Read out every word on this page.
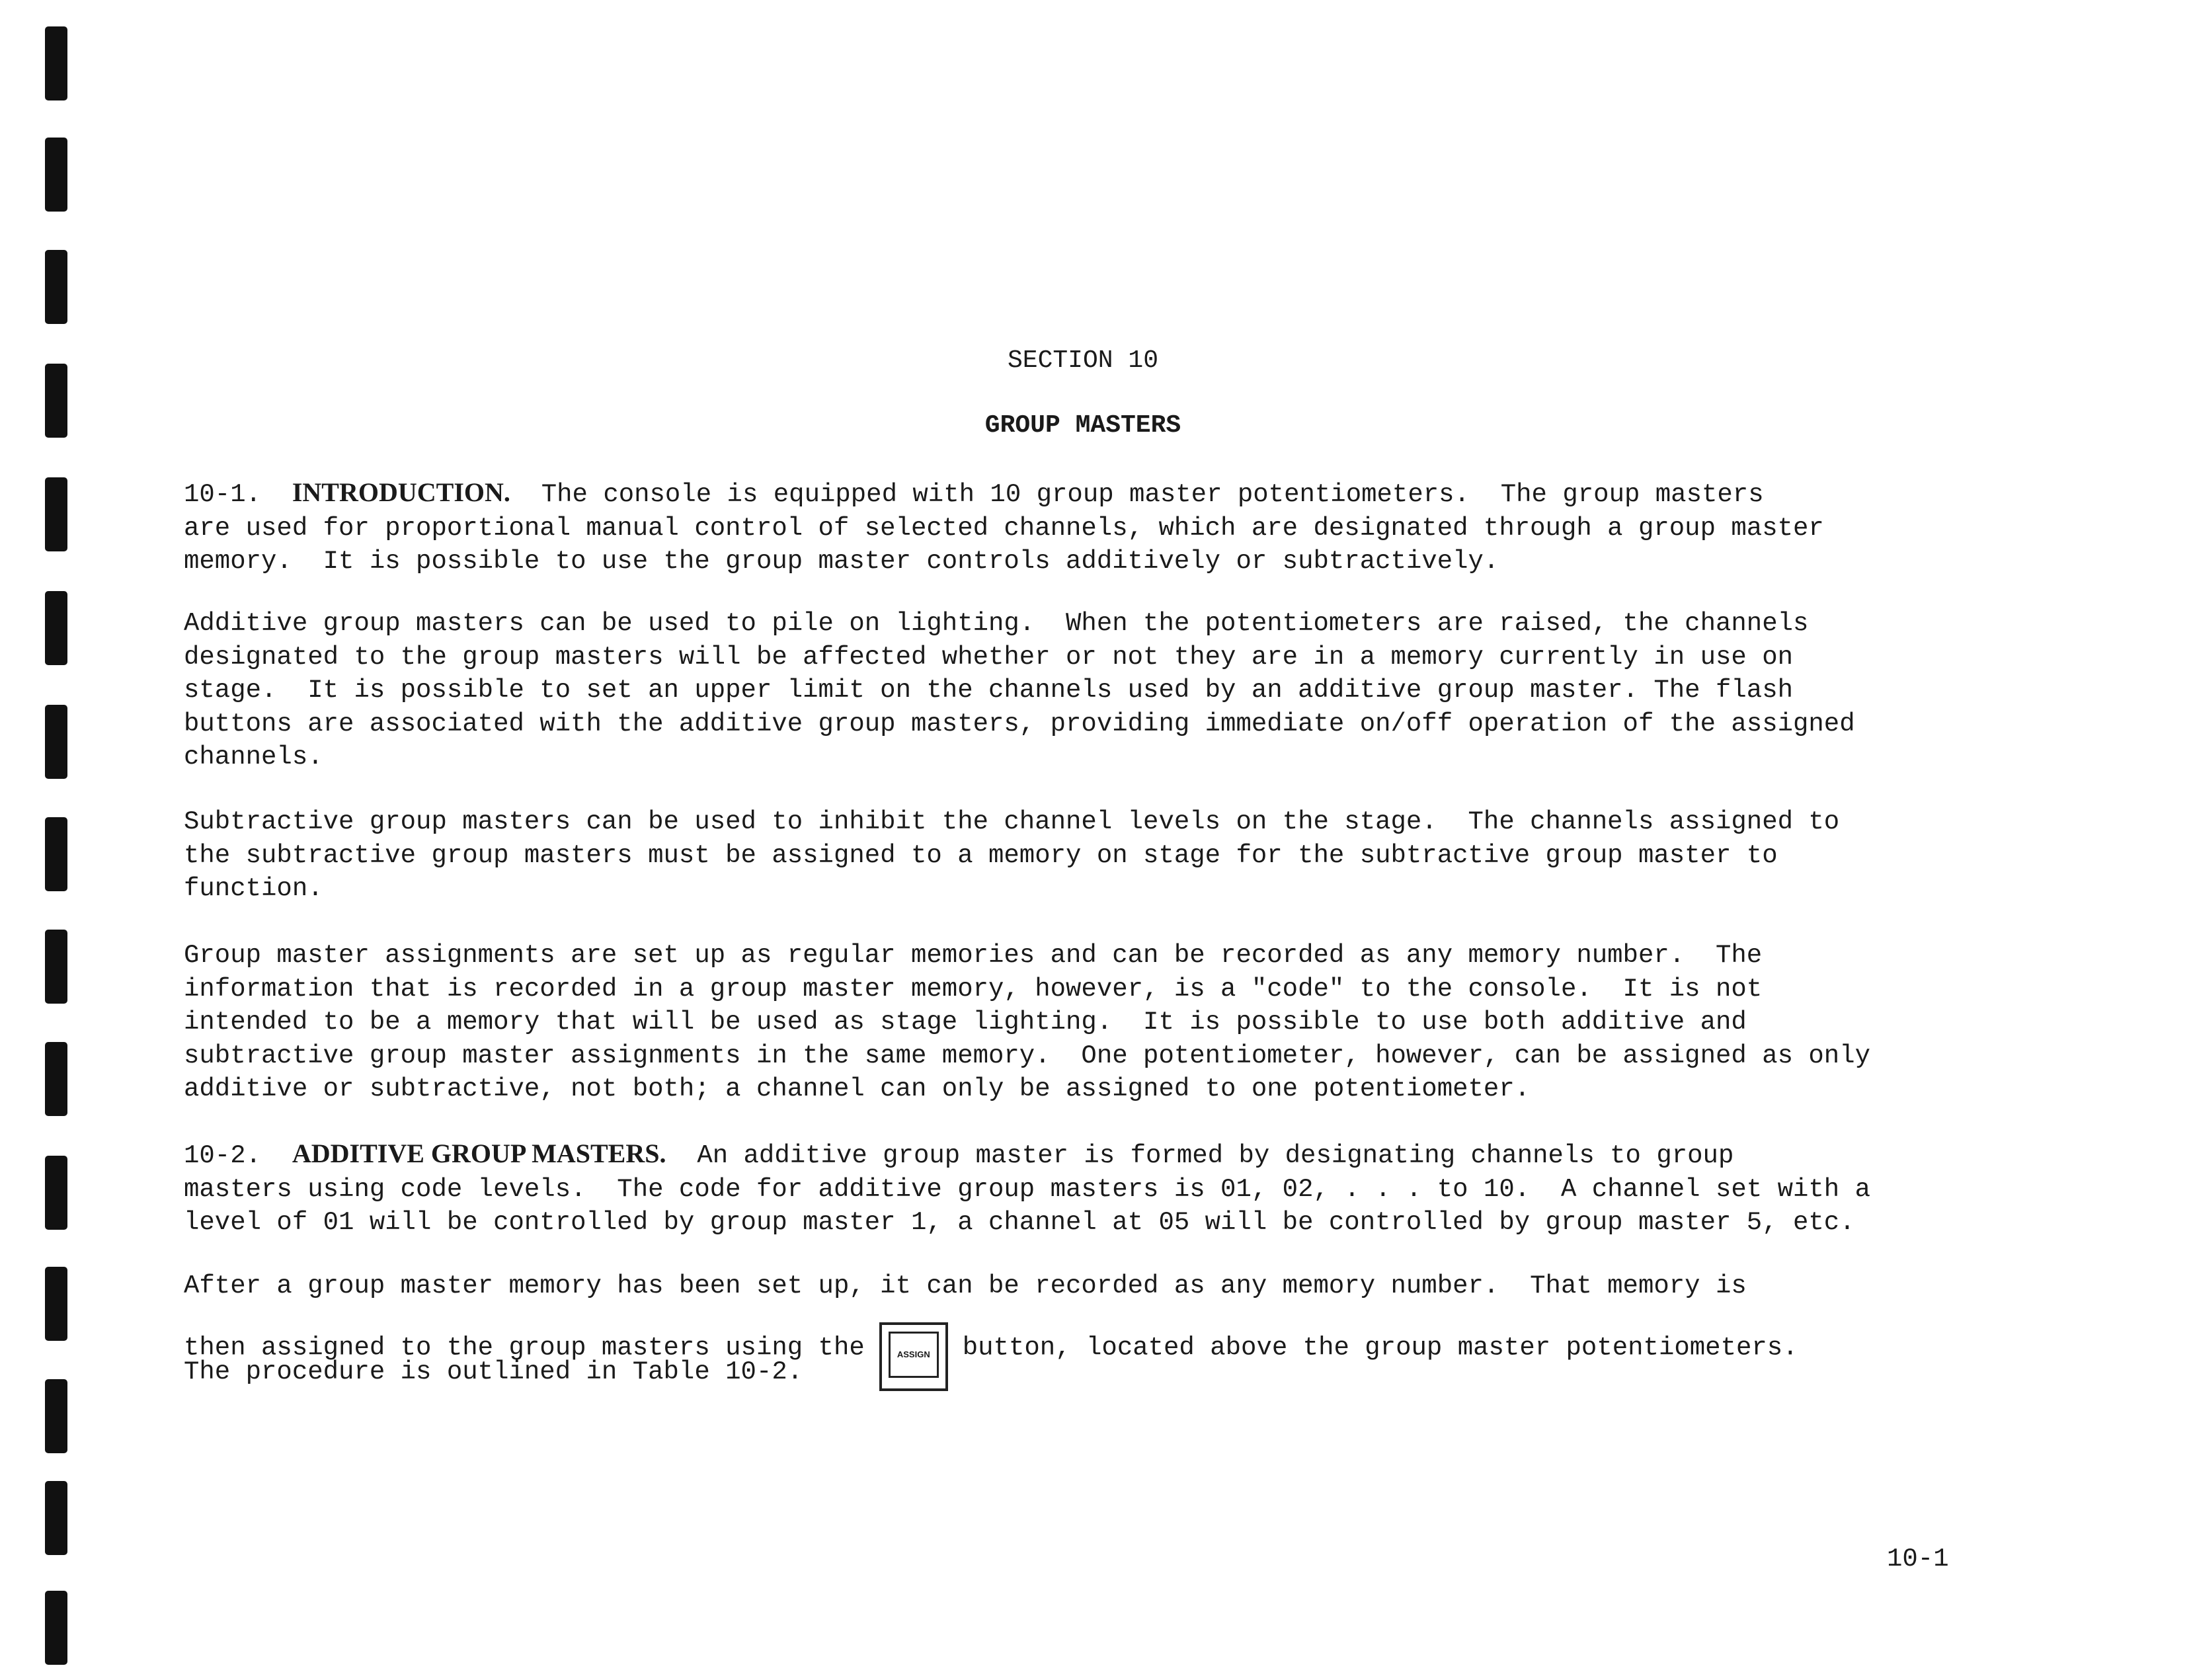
SECTION 10
GROUP MASTERS
10-1. INTRODUCTION. The console is equipped with 10 group master potentiometers.  The group masters
are used for proportional manual control of selected channels, which are designated through a group master
memory.  It is possible to use the group master controls additively or subtractively.
Additive group masters can be used to pile on lighting.  When the potentiometers are raised, the channels
designated to the group masters will be affected whether or not they are in a memory currently in use on
stage.  It is possible to set an upper limit on the channels used by an additive group master. The flash
buttons are associated with the additive group masters, providing immediate on/off operation of the assigned
channels.
Subtractive group masters can be used to inhibit the channel levels on the stage.  The channels assigned to
the subtractive group masters must be assigned to a memory on stage for the subtractive group master to
function.
Group master assignments are set up as regular memories and can be recorded as any memory number.  The
information that is recorded in a group master memory, however, is a "code" to the console.  It is not
intended to be a memory that will be used as stage lighting.  It is possible to use both additive and
subtractive group master assignments in the same memory.  One potentiometer, however, can be assigned as only
additive or subtractive, not both; a channel can only be assigned to one potentiometer.
10-2. ADDITIVE GROUP MASTERS. An additive group master is formed by designating channels to group
masters using code levels.  The code for additive group masters is 01, 02, . . . to 10.  A channel set with a
level of 01 will be controlled by group master 1, a channel at 05 will be controlled by group master 5, etc.
After a group master memory has been set up, it can be recorded as any memory number.  That memory is
then assigned to the group masters using the	ASSIGN	button, located above the group master potentiometers.
The procedure is outlined in Table 10-2.
10-1
